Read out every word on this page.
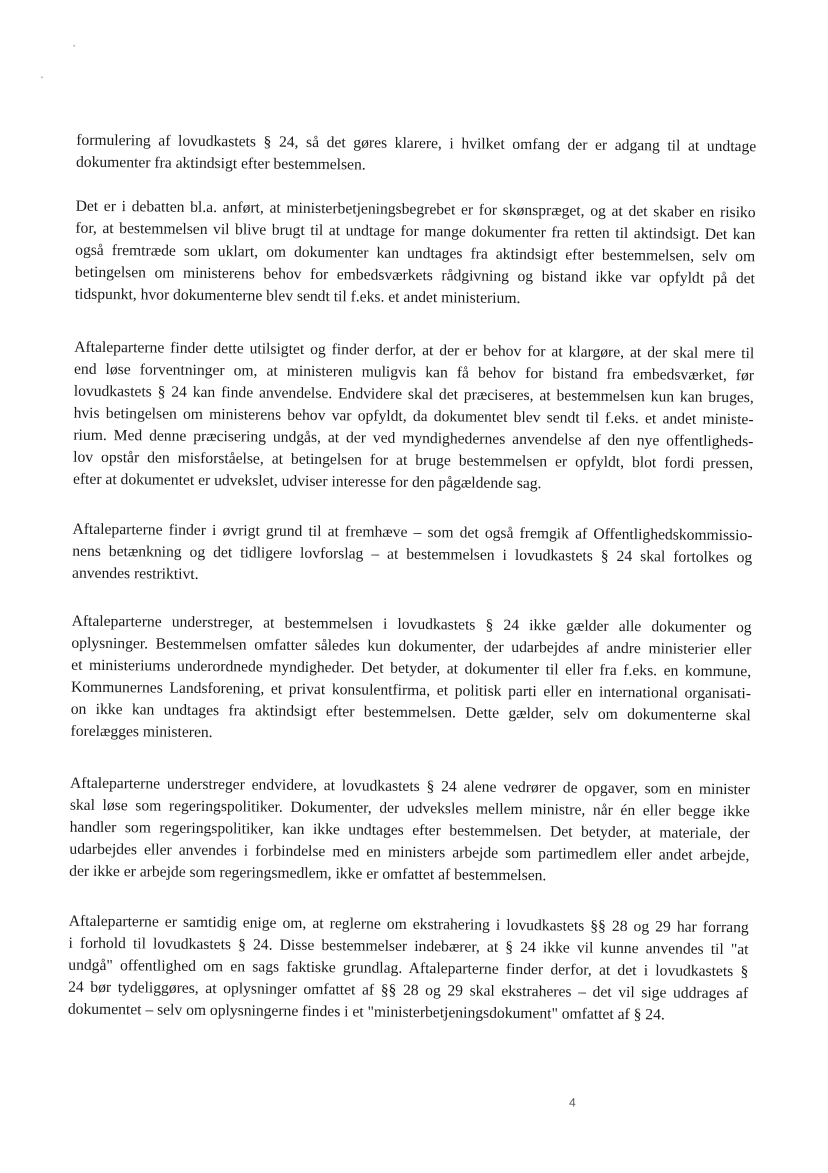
formulering af lovudkastets § 24, så det gøres klarere, i hvilket omfang der er adgang til at undtage
dokumenter fra aktindsigt efter bestemmelsen.

Det er i debatten bl.a. anført, at ministerbetjeningsbegrebet er for skønspræget, og at det skaber en risiko
for, at bestemmelsen vil blive brugt til at undtage for mange dokumenter fra retten til aktindsigt. Det kan
også fremtræde som uklart, om dokumenter kan undtages fra aktindsigt efter bestemmelsen, selv om
betingelsen om ministerens behov for embedsværkets rådgivning og bistand ikke var opfyldt på det
tidspunkt, hvor dokumenterne blev sendt til f.eks. et andet ministerium.

Aftaleparterne finder dette utilsigtet og finder derfor, at der er behov for at klargøre, at der skal mere til
end løse forventninger om, at ministeren muligvis kan få behov for bistand fra embedsværket, før
lovudkastets § 24 kan finde anvendelse. Endvidere skal det præciseres, at bestemmelsen kun kan bruges,
hvis betingelsen om ministerens behov var opfyldt, da dokumentet blev sendt til f.eks. et andet ministe-
rium. Med denne præcisering undgås, at der ved myndighedernes anvendelse af den nye offentligheds-
lov opstår den misforståelse, at betingelsen for at bruge bestemmelsen er opfyldt, blot fordi pressen,
efter at dokumentet er udvekslet, udviser interesse for den pågældende sag.

Aftaleparterne finder i øvrigt grund til at fremhæve – som det også fremgik af Offentlighedskommissio-
nens betænkning og det tidligere lovforslag – at bestemmelsen i lovudkastets § 24 skal fortolkes og
anvendes restriktivt.

Aftaleparterne understreger, at bestemmelsen i lovudkastets § 24 ikke gælder alle dokumenter og
oplysninger. Bestemmelsen omfatter således kun dokumenter, der udarbejdes af andre ministerier eller
et ministeriums underordnede myndigheder. Det betyder, at dokumenter til eller fra f.eks. en kommune,
Kommunernes Landsforening, et privat konsulentfirma, et politisk parti eller en international organisati-
on ikke kan undtages fra aktindsigt efter bestemmelsen. Dette gælder, selv om dokumenterne skal
forelægges ministeren.

Aftaleparterne understreger endvidere, at lovudkastets § 24 alene vedrører de opgaver, som en minister
skal løse som regeringspolitiker. Dokumenter, der udveksles mellem ministre, når én eller begge ikke
handler som regeringspolitiker, kan ikke undtages efter bestemmelsen. Det betyder, at materiale, der
udarbejdes eller anvendes i forbindelse med en ministers arbejde som partimedlem eller andet arbejde,
der ikke er arbejde som regeringsmedlem, ikke er omfattet af bestemmelsen.

Aftaleparterne er samtidig enige om, at reglerne om ekstrahering i lovudkastets §§ 28 og 29 har forrang
i forhold til lovudkastets § 24. Disse bestemmelser indebærer, at § 24 ikke vil kunne anvendes til "at
undgå" offentlighed om en sags faktiske grundlag. Aftaleparterne finder derfor, at det i lovudkastets §
24 bør tydeliggøres, at oplysninger omfattet af §§ 28 og 29 skal ekstraheres – det vil sige uddrages af
dokumentet – selv om oplysningerne findes i et "ministerbetjeningsdokument" omfattet af § 24.

4
